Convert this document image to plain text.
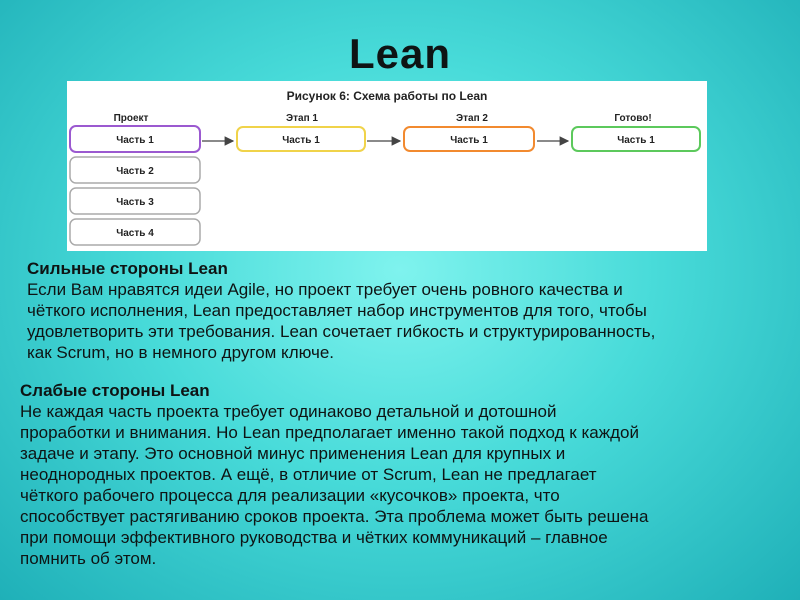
Lean
Рисунок 6: Схема работы по Lean
Проект	Этап 1	Этап 2	Готово!
Часть 1
Часть 2
Часть 3
Часть 4
Часть 1	Часть 1	Часть 1
Сильные стороны Lean
Если Вам нравятся идеи Agile, но проект требует очень ровного качества и
чёткого исполнения, Lean предоставляет набор инструментов для того, чтобы
удовлетворить эти требования. Lean сочетает гибкость и структурированность,
как Scrum, но в немного другом ключе.
Слабые стороны Lean
Не каждая часть проекта требует одинаково детальной и дотошной
проработки и внимания. Но Lean предполагает именно такой подход к каждой
задаче и этапу. Это основной минус применения Lean для крупных и
неоднородных проектов. А ещё, в отличие от Scrum, Lean не предлагает
чёткого рабочего процесса для реализации «кусочков» проекта, что
способствует растягиванию сроков проекта. Эта проблема может быть решена
при помощи эффективного руководства и чётких коммуникаций – главное
помнить об этом.
